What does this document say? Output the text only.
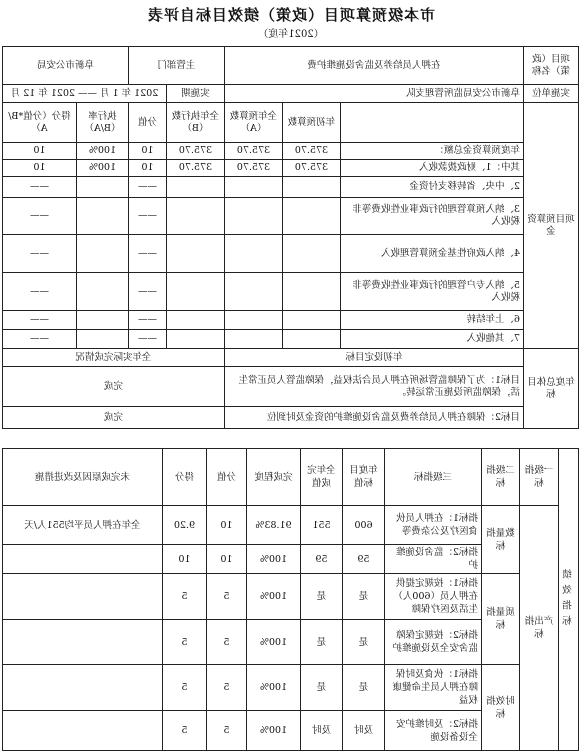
市本级预算项目（政策）绩效目标自评表
（2021年度）
项目（政策）名称	在押人员给养及监舍设施维护费			主管部门		阜新市公安局	
实施单位	阜新市公安局监所管理支队			实施期	2021 年 1 月 —— 2021 年 12 月		
项目预算资金		年初预算数	全年预算数（A）	全年执行数（B）	分值	执行率（B/A）	得分（分值*B/A）
	年度预算资金总额：	375.70	375.70	375.70	10	100%	10
	其中：1、财政拨款收入	375.70	375.70	375.70	10	100%	10
	2、中央、省转移支付资金				——		——
	3、纳入预算管理的行政事业性收费等非税收入				——		——
	4、纳入政府性基金预算管理收入				——		——
	5、纳入专户管理的行政事业性收费等非税收入				——		——
	6、上年结转				——		——
	7、其他收入				——		——
年度总体目标	年初设定目标			全年实际完成情况			
	目标1：为了保障监管场所在押人员合法权益，保障监管人员正常生活，保障监所设施正常运转。			完成			
	目标2：保障在押人员给养费及监舍设施维护的资金及时到位			完成			
绩效指标	一级指标	二级指标	三级指标	年度目标值	全年完成值	完成程度	分值	得分	未完成原因及改进措施
	产出指标	数量指标	指标1：在押人员伙食医疗及公杂费等	600	551	91.83%	10	9.20	全年在押人员平均551人/天
			指标2：监舍设施维护	59	59	100%	10	10	
		质量指标	指标1：按规定提供在押人员（600人）生活及医疗保障	是	是	100%	5	5	
			指标2：按规定保障监舍安全及设施维护	是	是	100%	5	5	
		时效指标	指标1：伙食及时保障在押人员生命健康权益	是	是	100%	5	5	
			指标2：及时维护安全设备设施	及时	及时	100%	5	5	
